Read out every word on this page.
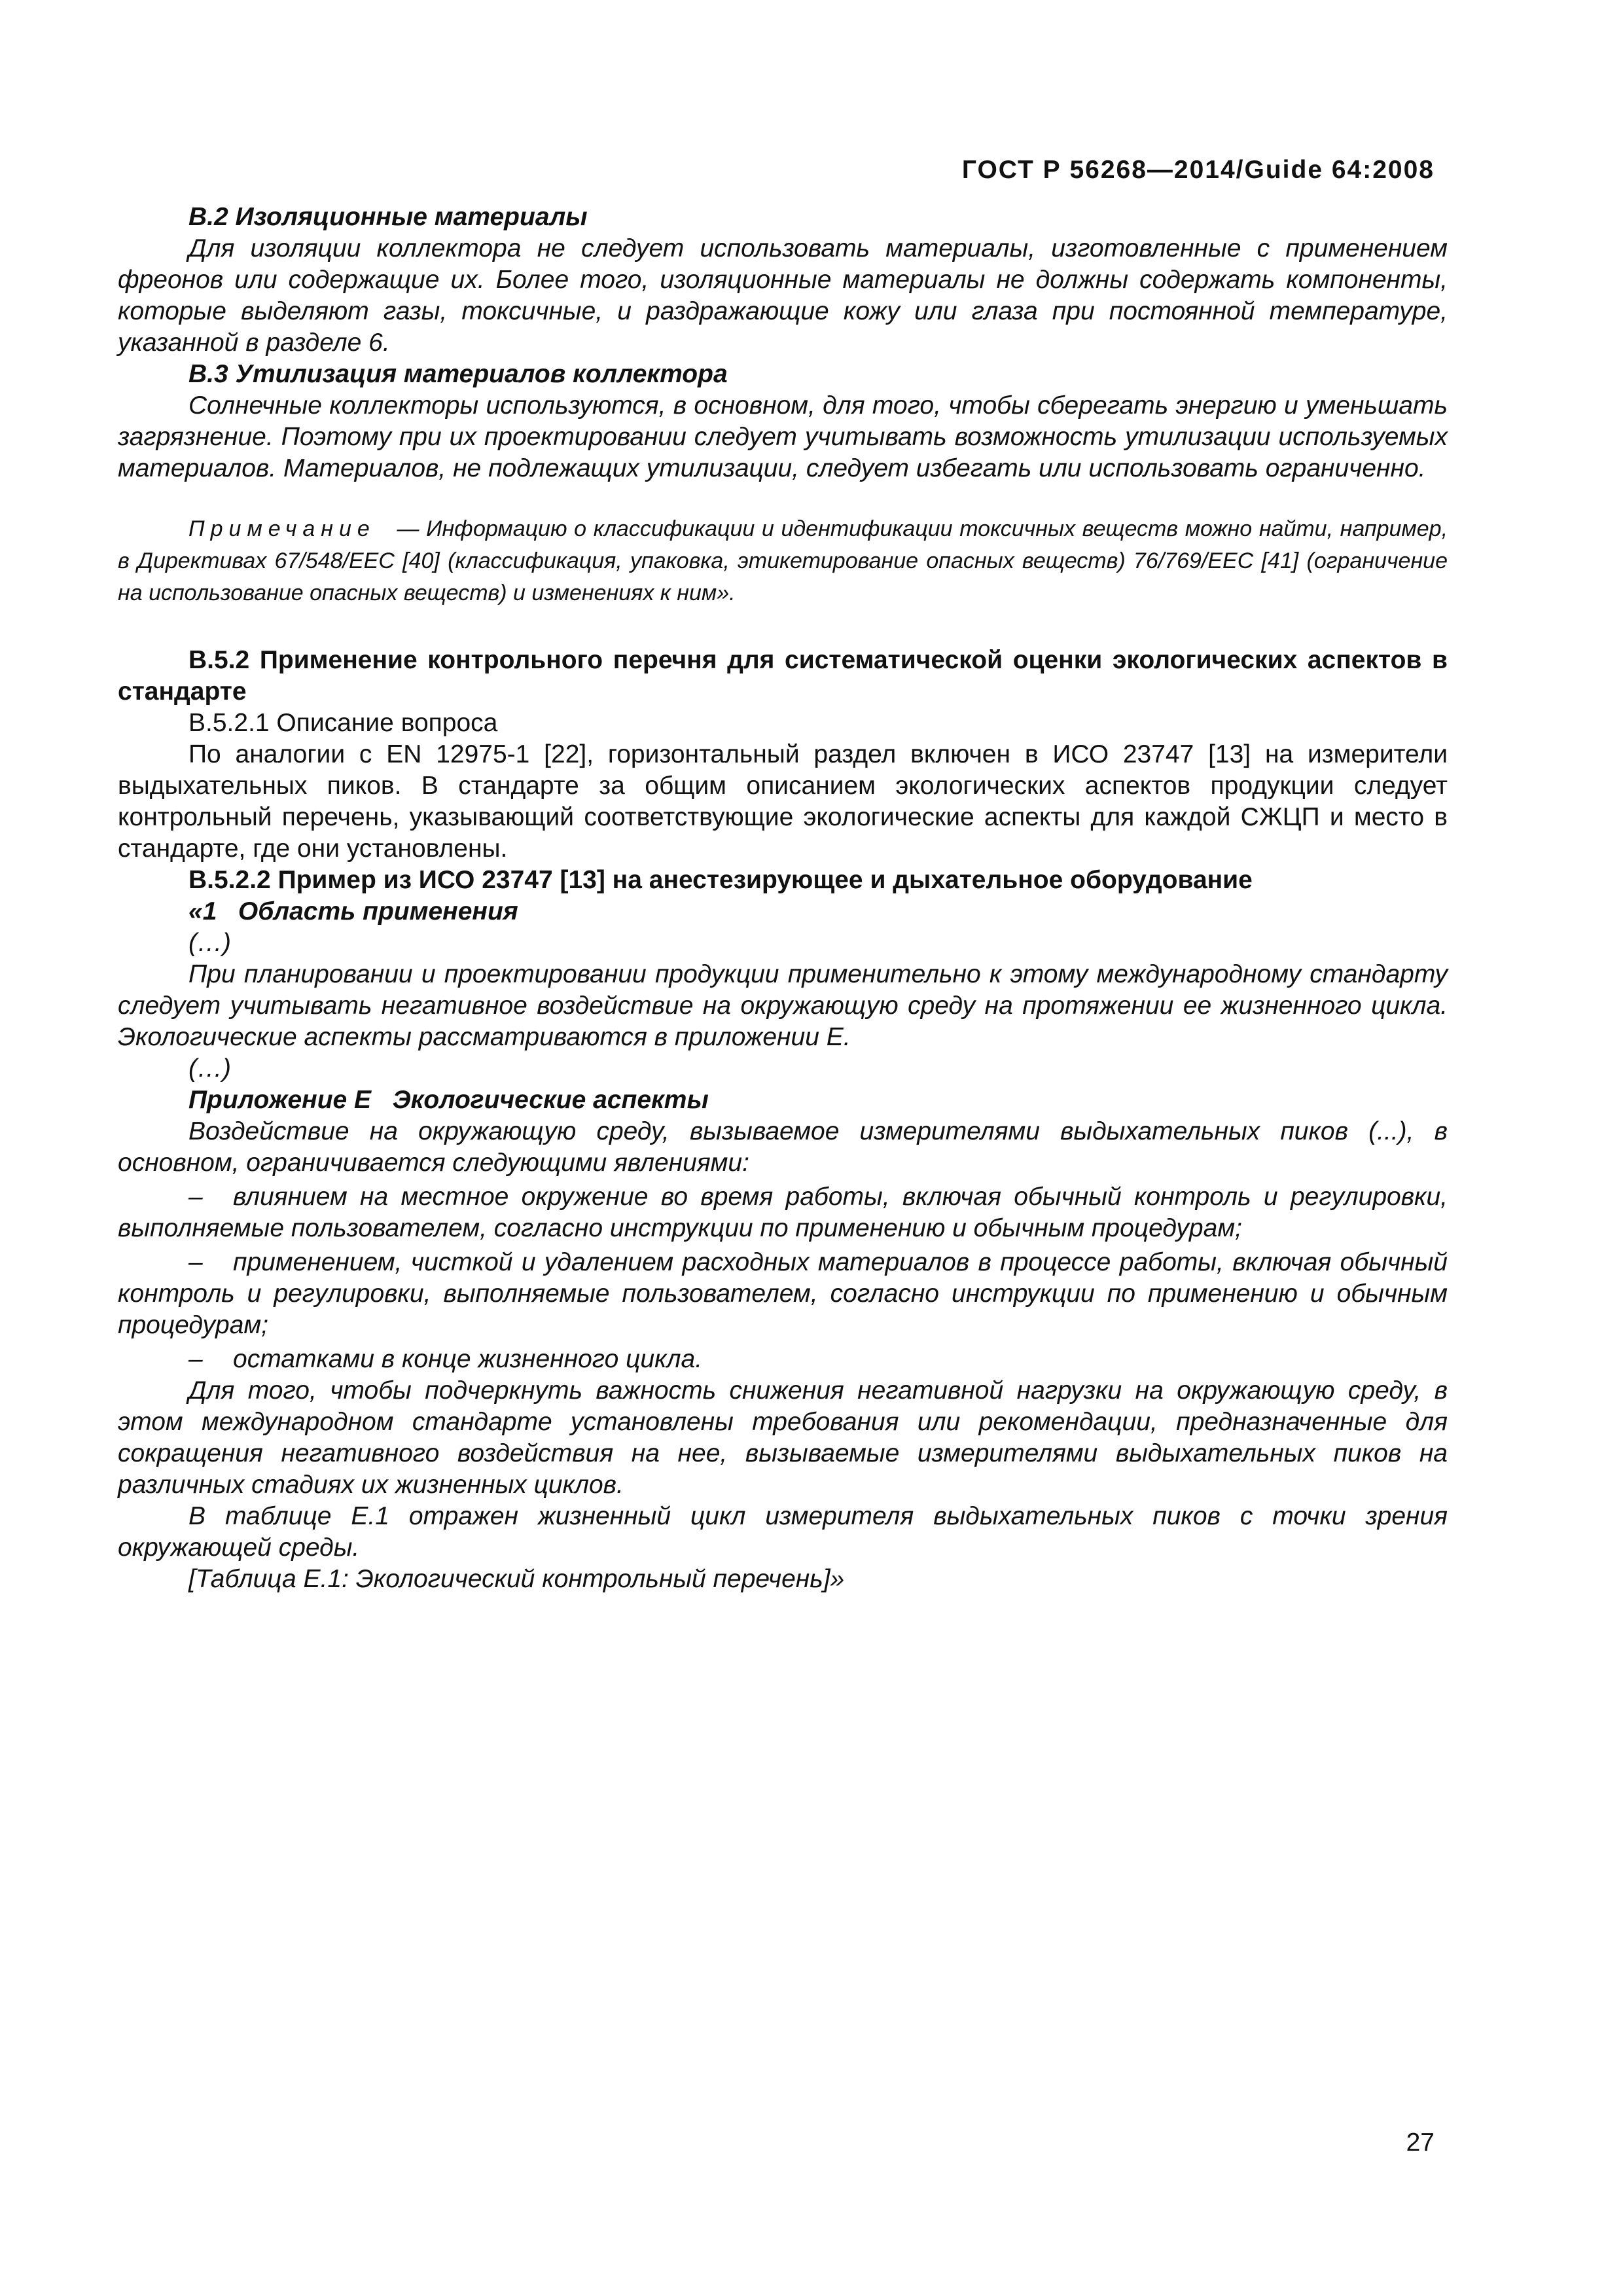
ГОСТ Р 56268—2014/Guide 64:2008

В.2 Изоляционные материалы

Для изоляции коллектора не следует использовать материалы, изготовленные с применением фреонов или содержащие их. Более того, изоляционные материалы не должны содержать компоненты, которые выделяют газы, токсичные, и раздражающие кожу или глаза при постоянной температуре, указанной в разделе 6.

В.3 Утилизация материалов коллектора

Солнечные коллекторы используются, в основном, для того, чтобы сберегать энергию и уменьшать загрязнение. Поэтому при их проектировании следует учитывать возможность утилизации используемых материалов. Материалов, не подлежащих утилизации, следует избегать или использовать ограниченно.

Примечание — Информацию о классификации и идентификации токсичных веществ можно найти, например, в Директивах 67/548/EEC [40] (классификация, упаковка, этикетирование опасных веществ) 76/769/EEC [41] (ограничение на использование опасных веществ) и изменениях к ним».

В.5.2 Применение контрольного перечня для систематической оценки экологических аспектов в стандарте

В.5.2.1 Описание вопроса

По аналогии с EN 12975-1 [22], горизонтальный раздел включен в ИСО 23747 [13] на измерители выдыхательных пиков. В стандарте за общим описанием экологических аспектов продукции следует контрольный перечень, указывающий соответствующие экологические аспекты для каждой СЖЦП и место в стандарте, где они установлены.

В.5.2.2 Пример из ИСО 23747 [13] на анестезирующее и дыхательное оборудование

«1   Область применения

(…)

При планировании и проектировании продукции применительно к этому международному стандарту следует учитывать негативное воздействие на окружающую среду на протяжении ее жизненного цикла. Экологические аспекты рассматриваются в приложении Е.

(…)

Приложение Е   Экологические аспекты

Воздействие на окружающую среду, вызываемое измерителями выдыхательных пиков (...), в основном, ограничивается следующими явлениями:

– влиянием на местное окружение во время работы, включая обычный контроль и регулировки, выполняемые пользователем, согласно инструкции по применению и обычным процедурам;

– применением, чисткой и удалением расходных материалов в процессе работы, включая обычный контроль и регулировки, выполняемые пользователем, согласно инструкции по применению и обычным процедурам;

– остатками в конце жизненного цикла.

Для того, чтобы подчеркнуть важность снижения негативной нагрузки на окружающую среду, в этом международном стандарте установлены требования или рекомендации, предназначенные для сокращения негативного воздействия на нее, вызываемые измерителями выдыхательных пиков на различных стадиях их жизненных циклов.

В таблице Е.1 отражен жизненный цикл измерителя выдыхательных пиков с точки зрения окружающей среды.

[Таблица Е.1: Экологический контрольный перечень]»

27
